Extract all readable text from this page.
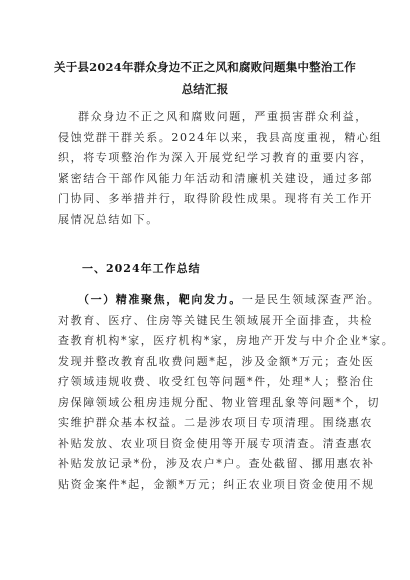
关于县2024年群众身边不正之风和腐败问题集中整治工作
总结汇报
群众身边不正之风和腐败问题，严重损害群众利益，
侵蚀党群干群关系。2024年以来，我县高度重视，精心组
织，将专项整治作为深入开展党纪学习教育的重要内容，
紧密结合干部作风能力年活动和清廉机关建设，通过多部
门协同、多举措并行，取得阶段性成果。现将有关工作开
展情况总结如下。
一、2024年工作总结
（一）精准聚焦，靶向发力。一是民生领域深查严治。
对教育、医疗、住房等关键民生领域展开全面排查，共检
查教育机构*家，医疗机构*家，房地产开发与中介企业*家。
发现并整改教育乱收费问题*起，涉及金额*万元；查处医
疗领域违规收费、收受红包等问题*件，处理*人；整治住
房保障领域公租房违规分配、物业管理乱象等问题*个，切
实维护群众基本权益。二是涉农项目专项清理。围绕惠农
补贴发放、农业项目资金使用等开展专项清查。清查惠农
补贴发放记录*份，涉及农户*户。查处截留、挪用惠农补
贴资金案件*起，金额*万元；纠正农业项目资金使用不规
